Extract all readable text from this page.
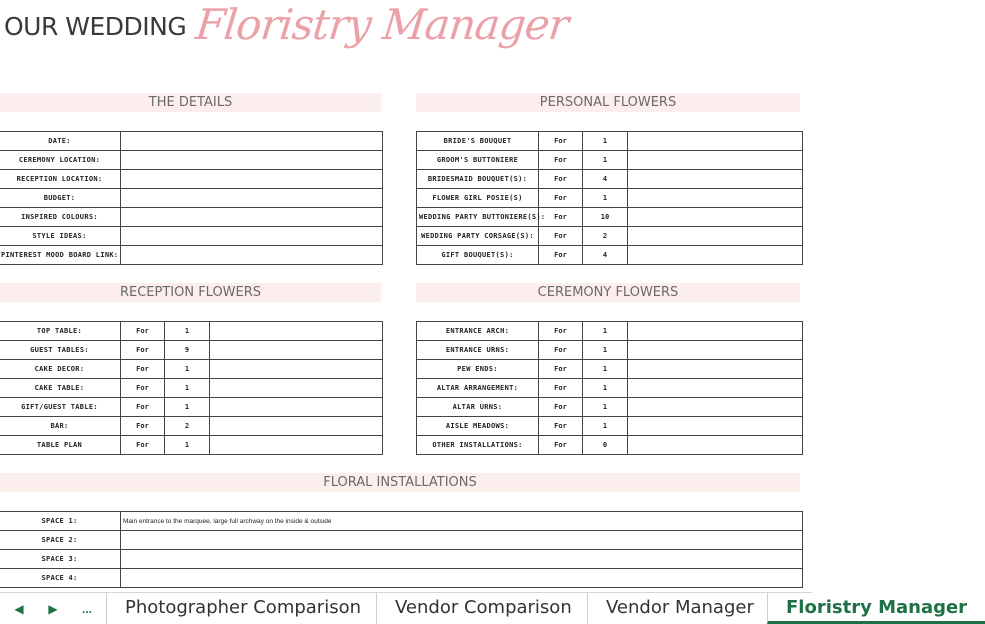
OUR WEDDING Floristry Manager
THE DETAILS
DATE:	
CEREMONY LOCATION:	
RECEPTION LOCATION:	
BUDGET:	
INSPIRED COLOURS:	
STYLE IDEAS:	
PINTEREST MOOD BOARD LINK:	
PERSONAL FLOWERS
BRIDE'S BOUQUET	For	1	
GROOM'S BUTTONIERE	For	1	
BRIDESMAID BOUQUET(S):	For	4	
FLOWER GIRL POSIE(S)	For	1	
WEDDING PARTY BUTTONIERE(S):	For	10	
WEDDING PARTY CORSAGE(S):	For	2	
GIFT BOUQUET(S):	For	4	
RECEPTION FLOWERS
TOP TABLE:	For	1	
GUEST TABLES:	For	9	
CAKE DECOR:	For	1	
CAKE TABLE:	For	1	
GIFT/GUEST TABLE:	For	1	
BAR:	For	2	
TABLE PLAN	For	1	
CEREMONY FLOWERS
ENTRANCE ARCH:	For	1	
ENTRANCE URNS:	For	1	
PEW ENDS:	For	1	
ALTAR ARRANGEMENT:	For	1	
ALTAR URNS:	For	1	
AISLE MEADOWS:	For	1	
OTHER INSTALLATIONS:	For	0	
FLORAL INSTALLATIONS
SPACE 1:	Main entrance to the marquee, large full archway on the inside & outside
SPACE 2:	
SPACE 3:	
SPACE 4:	
◀	▶	...	Photographer Comparison	Vendor Comparison	Vendor Manager	Floristry Manager
